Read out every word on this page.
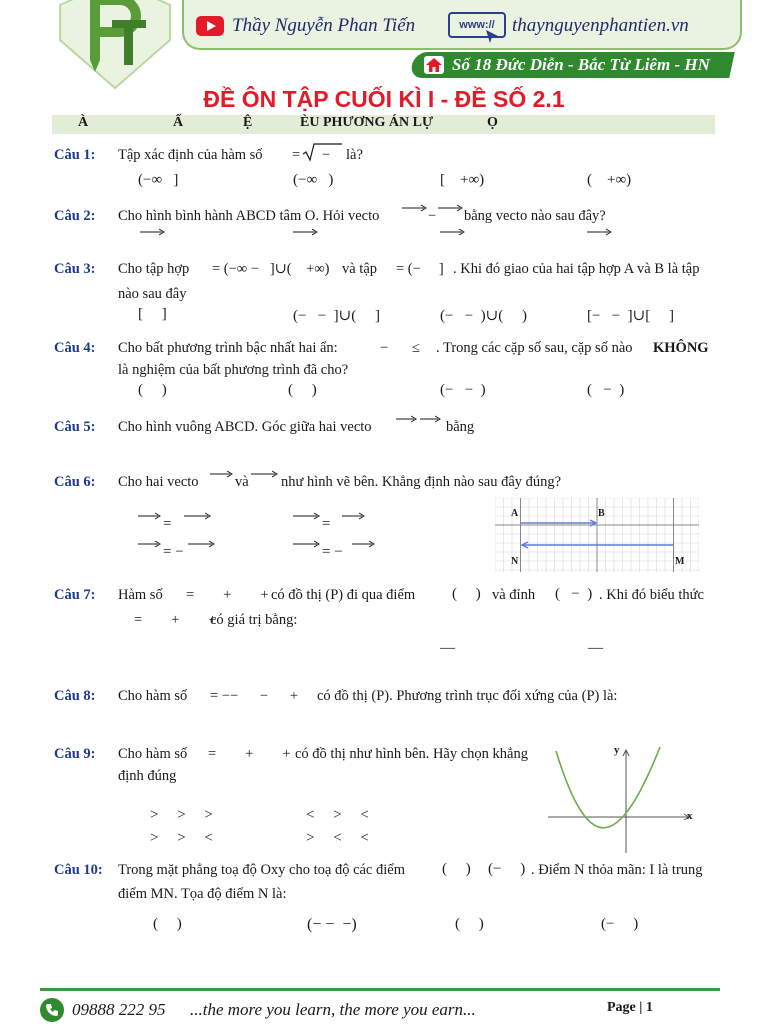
Thầy Nguyễn Phan Tiến	www:// thaynguyenphantien.vn
Số 18 Đức Diễn - Bắc Từ Liêm - HN
ĐỀ ÔN TẬP CUỐI KÌ I - ĐỀ SỐ 2.1
À	Ấ	Ệ	ÈU PHƯƠNG ÁN LỰ	Ọ
Câu 1: Tập xác định của hàm số = − là?
(−∞   ]	(−∞   )	[    +∞)	(    +∞)
Câu 2: Cho hình bình hành ABCD tâm O. Hỏi vecto	− bằng vecto nào sau đây?
Câu 3: Cho tập hợp = (−∞ −   ]∪(    +∞) và tập = (−     ] . Khi đó giao của hai tập hợp A và B là tập
nào sau đây
[     ]	(−   −  ]∪(     ]	(−   −  )∪(     )	[−   −  ]∪[     ]
Câu 4: Cho bất phương trình bậc nhất hai ẩn:	− ≤ . Trong các cặp số sau, cặp số nào KHÔNG
là nghiệm của bất phương trình đã cho?
(     )	(     )	(−   −  )	(   −  )
Câu 5: Cho hình vuông ABCD. Góc giữa hai vecto	bằng
Câu 6: Cho hai vecto	và như hình vẽ bên. Khẳng định nào sau đây đúng?
=	=
= −	= −
A	B
N	M
Câu 7: Hàm số =        +        + có đồ thị (P) đi qua điểm (     ) và đỉnh (   −  ) . Khi đó biểu thức
=        +        +
có giá trị bằng:
—	—
Câu 8: Cho hàm số = −−      −      + có đồ thị (P). Phương trình trục đối xứng của (P) là:
Câu 9: Cho hàm số =        +        + có đồ thị như hình bên. Hãy chọn khẳng
định đúng
>     >     >	<     >     <
>     >     <	>     <     <
y
x
Câu 10: Trong mặt phẳng toạ độ Oxy cho toạ độ các điểm (     ) (−     ) . Điểm N thỏa mãn: I là trung
điểm MN. Tọa độ điểm N là:
(     )	(− −  −)	(     )	(−     )
09888 222 95 ...the more you learn, the more you earn...	Page | 1
